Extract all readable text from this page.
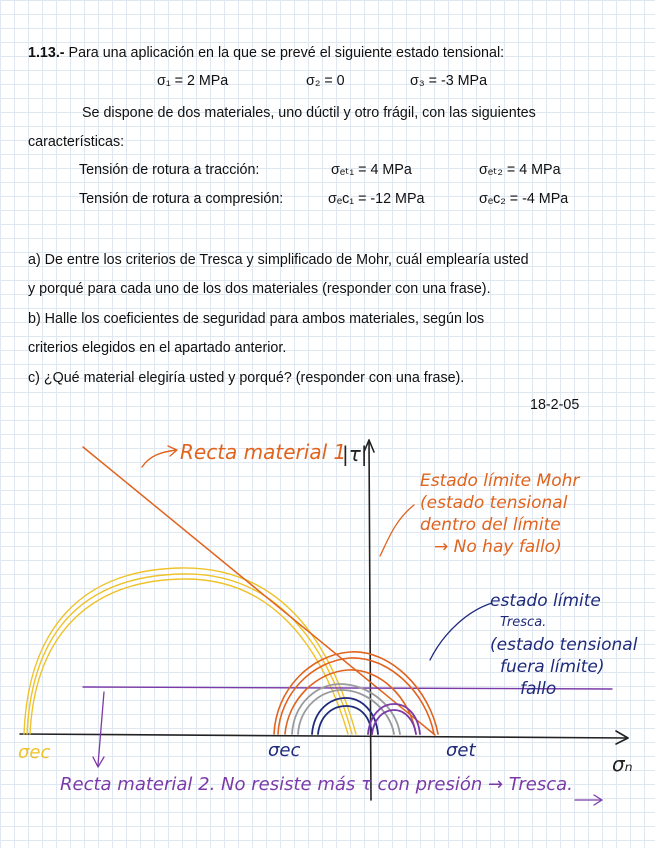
1.13.- Para una aplicación en la que se prevé el siguiente estado tensional:
σ₁ = 2 MPa	σ₂ = 0	σ₃ = -3 MPa
Se dispone de dos materiales, uno dúctil y otro frágil, con las siguientes
características:
Tensión de rotura a tracción:	σₑₜ₁ = 4 MPa	σₑₜ₂ = 4 MPa
Tensión de rotura a compresión:	σₑc₁ = -12 MPa	σₑc₂ = -4 MPa
a) De entre los criterios de Tresca y simplificado de Mohr, cuál emplearía usted
y porqué para cada uno de los dos materiales (responder con una frase).
b) Halle los coeficientes de seguridad para ambos materiales, según los
criterios elegidos en el apartado anterior.
c) ¿Qué material elegiría usted y porqué? (responder con una frase).
18-2-05
Recta material 1
|τ|
Estado límite Mohr
(estado tensional
dentro del límite
→ No hay fallo)
estado límite
Tresca.
(estado tensional
fuera límite)
fallo
σec	σec	σet
σₙ
Recta material 2. No resiste más τ con presión → Tresca.
